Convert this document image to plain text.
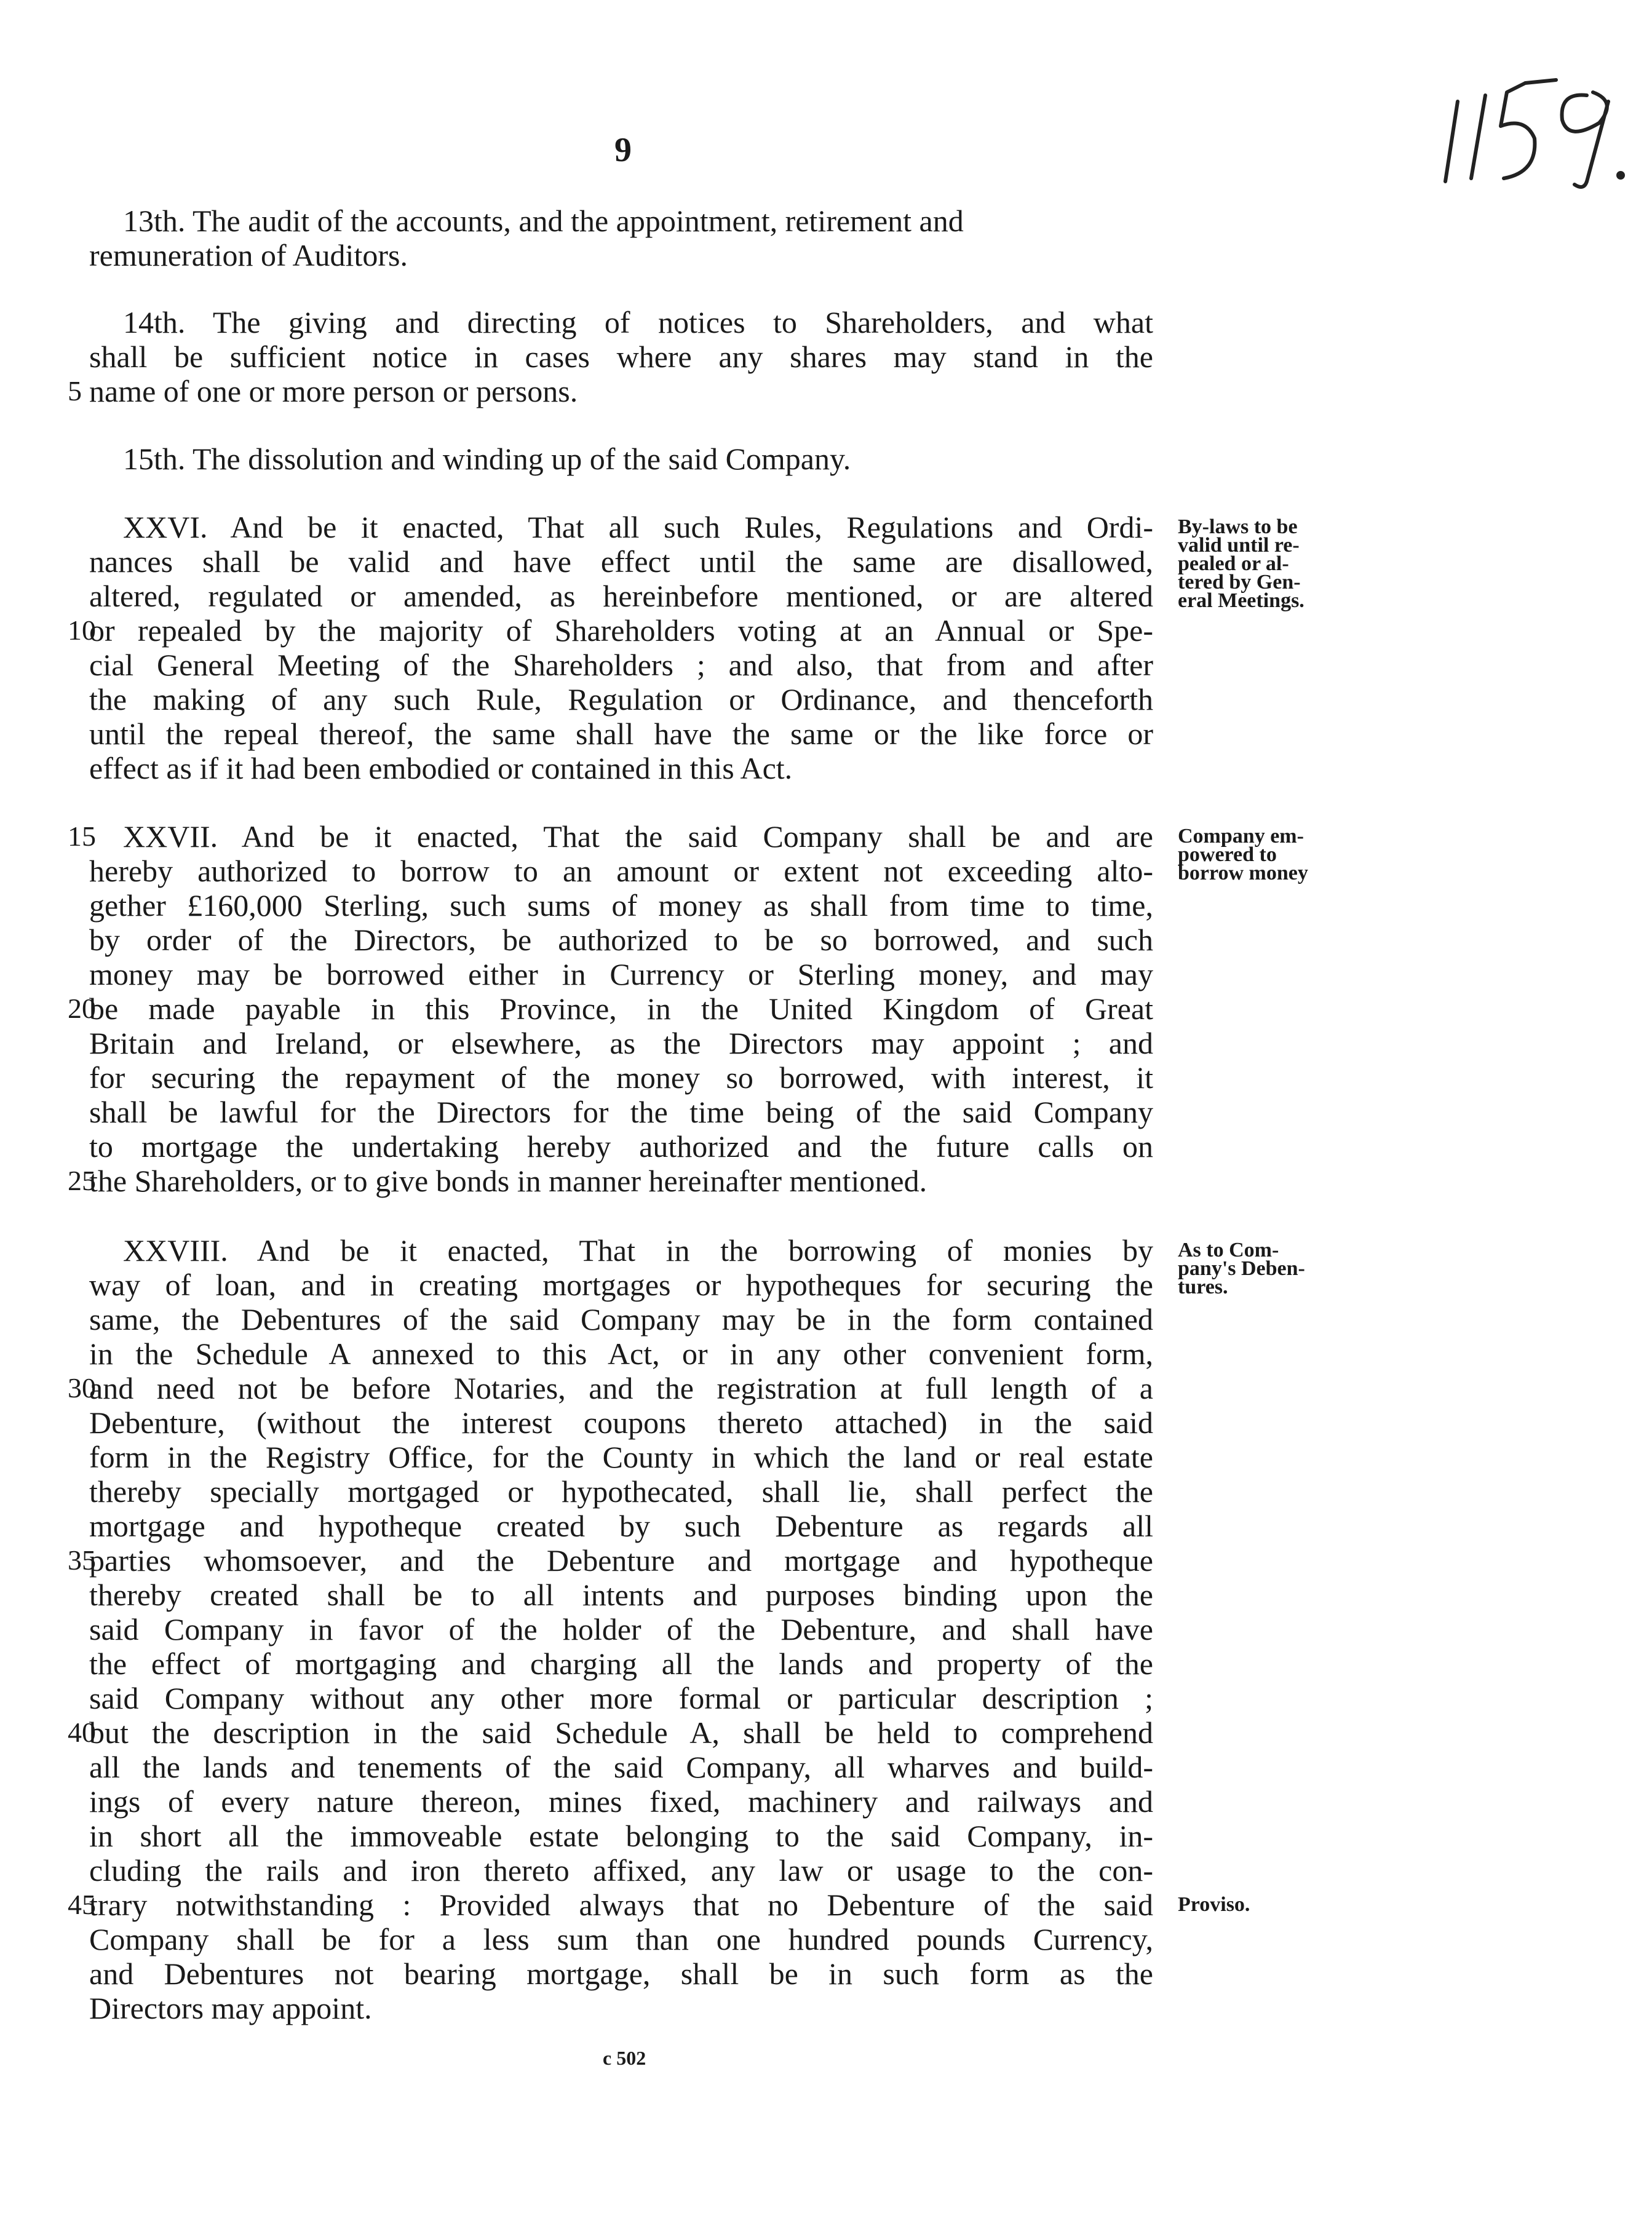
9
13th. The audit of the accounts, and the appointment, retirement and
remuneration of Auditors.
14th. The giving and directing of notices to Shareholders, and what
shall be sufficient notice in cases where any shares may stand in the
name of one or more person or persons.
15th. The dissolution and winding up of the said Company.
XXVI. And be it enacted, That all such Rules, Regulations and Ordi-
nances shall be valid and have effect until the same are disallowed,
altered, regulated or amended, as hereinbefore mentioned, or are altered
or repealed by the majority of Shareholders voting at an Annual or Spe-
cial General Meeting of the Shareholders ; and also, that from and after
the making of any such Rule, Regulation or Ordinance, and thenceforth
until the repeal thereof, the same shall have the same or the like force or
effect as if it had been embodied or contained in this Act.
XXVII. And be it enacted, That the said Company shall be and are
hereby authorized to borrow to an amount or extent not exceeding alto-
gether £160,000 Sterling, such sums of money as shall from time to time,
by order of the Directors, be authorized to be so borrowed, and such
money may be borrowed either in Currency or Sterling money, and may
be made payable in this Province, in the United Kingdom of Great
Britain and Ireland, or elsewhere, as the Directors may appoint ; and
for securing the repayment of the money so borrowed, with interest, it
shall be lawful for the Directors for the time being of the said Company
to mortgage the undertaking hereby authorized and the future calls on
the Shareholders, or to give bonds in manner hereinafter mentioned.
XXVIII. And be it enacted, That in the borrowing of monies by
way of loan, and in creating mortgages or hypotheques for securing the
same, the Debentures of the said Company may be in the form contained
in the Schedule A annexed to this Act, or in any other convenient form,
and need not be before Notaries, and the registration at full length of a
Debenture, (without the interest coupons thereto attached) in the said
form in the Registry Office, for the County in which the land or real estate
thereby specially mortgaged or hypothecated, shall lie, shall perfect the
mortgage and hypotheque created by such Debenture as regards all
parties whomsoever, and the Debenture and mortgage and hypotheque
thereby created shall be to all intents and purposes binding upon the
said Company in favor of the holder of the Debenture, and shall have
the effect of mortgaging and charging all the lands and property of the
said Company without any other more formal or particular description ;
but the description in the said Schedule A, shall be held to comprehend
all the lands and tenements of the said Company, all wharves and build-
ings of every nature thereon, mines fixed, machinery and railways and
in short all the immoveable estate belonging to the said Company, in-
cluding the rails and iron thereto affixed, any law or usage to the con-
trary notwithstanding : Provided always that no Debenture of the said
Company shall be for a less sum than one hundred pounds Currency,
and Debentures not bearing mortgage, shall be in such form as the
Directors may appoint.
5
10
15
20
25
30
35
40
45
By-laws to be
valid until re-
pealed or al-
tered by Gen-
eral Meetings.
Company em-
powered to
borrow money
As to Com-
pany's Deben-
tures.
Proviso.
c 502
